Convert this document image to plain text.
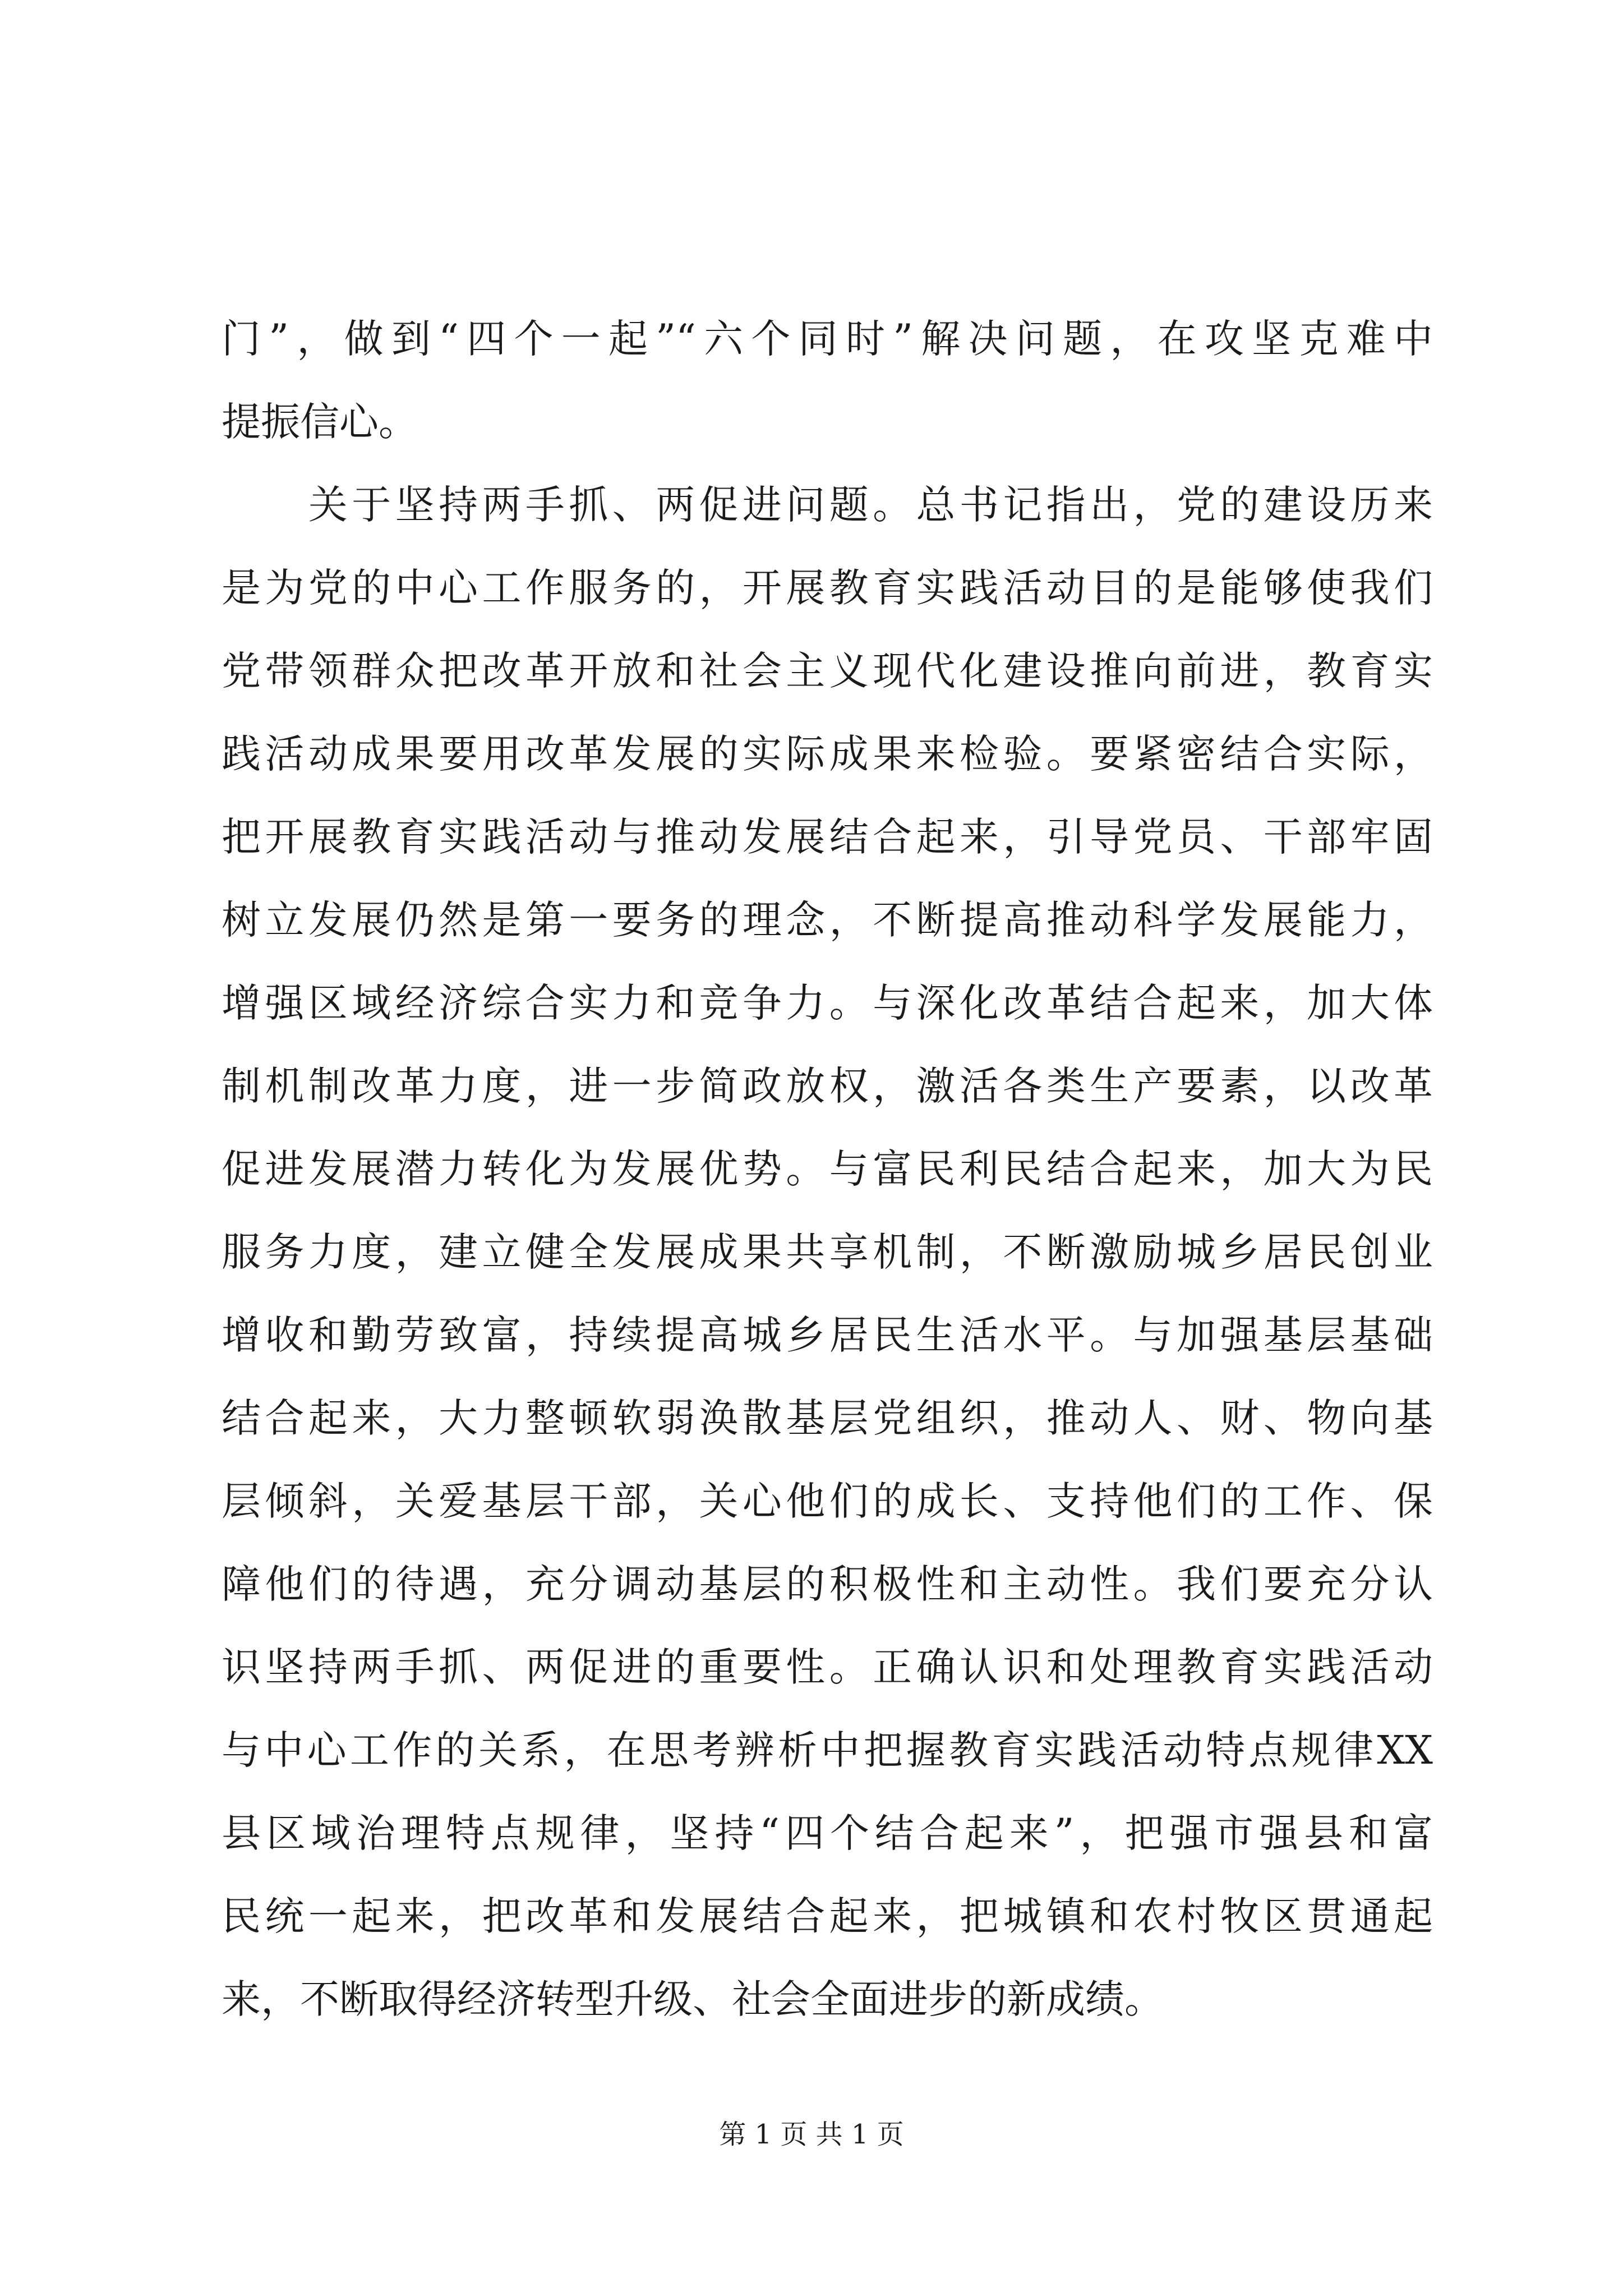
门”，做到“四个一起”“六个同时”解决问题，在攻坚克难中
提振信心。
　　关于坚持两手抓、两促进问题。总书记指出，党的建设历来
是为党的中心工作服务的，开展教育实践活动目的是能够使我们
党带领群众把改革开放和社会主义现代化建设推向前进，教育实
践活动成果要用改革发展的实际成果来检验。要紧密结合实际，
把开展教育实践活动与推动发展结合起来，引导党员、干部牢固
树立发展仍然是第一要务的理念，不断提高推动科学发展能力，
增强区域经济综合实力和竞争力。与深化改革结合起来，加大体
制机制改革力度，进一步简政放权，激活各类生产要素，以改革
促进发展潜力转化为发展优势。与富民利民结合起来，加大为民
服务力度，建立健全发展成果共享机制，不断激励城乡居民创业
增收和勤劳致富，持续提高城乡居民生活水平。与加强基层基础
结合起来，大力整顿软弱涣散基层党组织，推动人、财、物向基
层倾斜，关爱基层干部，关心他们的成长、支持他们的工作、保
障他们的待遇，充分调动基层的积极性和主动性。我们要充分认
识坚持两手抓、两促进的重要性。正确认识和处理教育实践活动
与中心工作的关系，在思考辨析中把握教育实践活动特点规律XX
县区域治理特点规律，坚持“四个结合起来”，把强市强县和富
民统一起来，把改革和发展结合起来，把城镇和农村牧区贯通起
来，不断取得经济转型升级、社会全面进步的新成绩。
第 1 页 共 1 页
